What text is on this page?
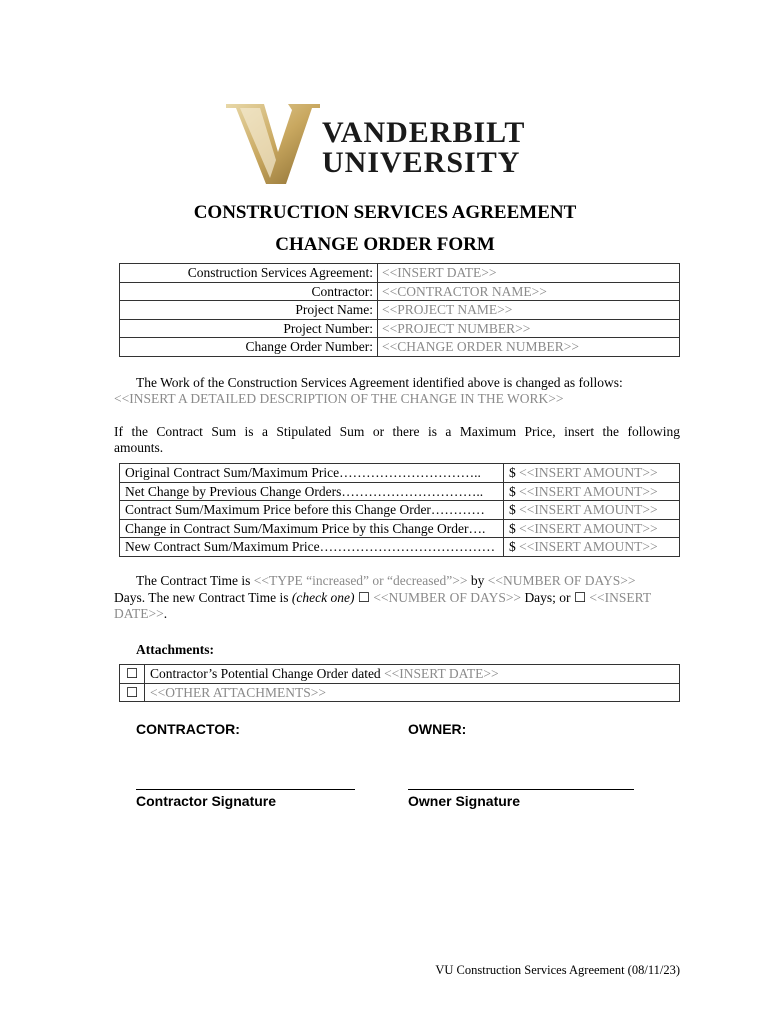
VANDERBILT
UNIVERSITY
CONSTRUCTION SERVICES AGREEMENT
CHANGE ORDER FORM
Construction Services Agreement:	<<INSERT DATE>>
Contractor:	<<CONTRACTOR NAME>>
Project Name:	<<PROJECT NAME>>
Project Number:	<<PROJECT NUMBER>>
Change Order Number:	<<CHANGE ORDER NUMBER>>
The Work of the Construction Services Agreement identified above is changed as follows:
<<INSERT A DETAILED DESCRIPTION OF THE CHANGE IN THE WORK>>
If the Contract Sum is a Stipulated Sum or there is a Maximum Price, insert the following
amounts.
Original Contract Sum/Maximum Price…………………………..	$ <<INSERT AMOUNT>>
Net Change by Previous Change Orders…………………………..	$ <<INSERT AMOUNT>>
Contract Sum/Maximum Price before this Change Order…………	$ <<INSERT AMOUNT>>
Change in Contract Sum/Maximum Price by this Change Order….	$ <<INSERT AMOUNT>>
New Contract Sum/Maximum Price…………………………………	$ <<INSERT AMOUNT>>
The Contract Time is <<TYPE “increased” or “decreased”>> by <<NUMBER OF DAYS>>
Days. The new Contract Time is (check one) ☐ <<NUMBER OF DAYS>> Days; or ☐ <<INSERT
DATE>>.
Attachments:
☐	Contractor’s Potential Change Order dated <<INSERT DATE>>
☐	<<OTHER ATTACHMENTS>>
CONTRACTOR:	OWNER:
Contractor Signature	Owner Signature
VU Construction Services Agreement (08/11/23)
